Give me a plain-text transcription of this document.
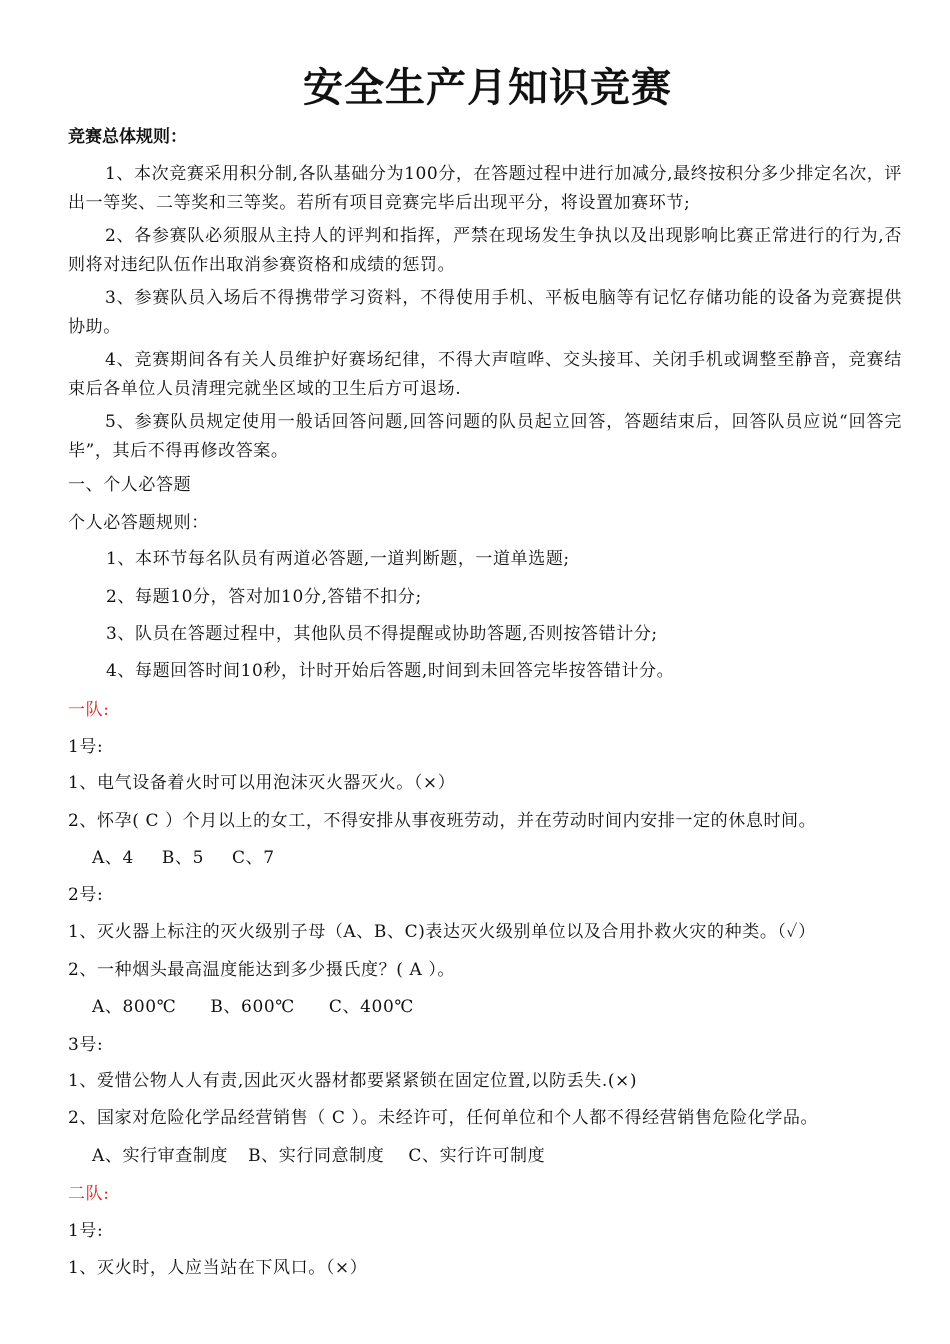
安全生产月知识竞赛
竞赛总体规则：
1、本次竞赛采用积分制,各队基础分为100分，在答题过程中进行加减分,最终按积分多少排定名次，评出一等奖、二等奖和三等奖。若所有项目竞赛完毕后出现平分，将设置加赛环节;
2、各参赛队必须服从主持人的评判和指挥，严禁在现场发生争执以及出现影响比赛正常进行的行为,否则将对违纪队伍作出取消参赛资格和成绩的惩罚。
3、参赛队员入场后不得携带学习资料，不得使用手机、平板电脑等有记忆存储功能的设备为竞赛提供协助。
4、竞赛期间各有关人员维护好赛场纪律，不得大声喧哗、交头接耳、关闭手机或调整至静音，竞赛结束后各单位人员清理完就坐区域的卫生后方可退场.
5、参赛队员规定使用一般话回答问题,回答问题的队员起立回答，答题结束后，回答队员应说“回答完毕”，其后不得再修改答案。
一、个人必答题
个人必答题规则：
1、本环节每名队员有两道必答题,一道判断题，一道单选题;
2、每题10分，答对加10分,答错不扣分;
3、队员在答题过程中，其他队员不得提醒或协助答题,否则按答错计分;
4、每题回答时间10秒，计时开始后答题,时间到未回答完毕按答错计分。
一队:
1号:
1、电气设备着火时可以用泡沫灭火器灭火。（×）
2、怀孕( C ）个月以上的女工，不得安排从事夜班劳动，并在劳动时间内安排一定的休息时间。
A、4 B、5 C、7
2号:
1、灭火器上标注的灭火级别子母（A、B、C)表达灭火级别单位以及合用扑救火灾的种类。（✓）
2、一种烟头最高温度能达到多少摄氏度？( A ）。
A、800℃ B、600℃ C、400℃
3号:
1、爱惜公物人人有责,因此灭火器材都要紧紧锁在固定位置,以防丢失.(×)
2、国家对危险化学品经营销售（ C ）。未经许可，任何单位和个人都不得经营销售危险化学品。
A、实行审查制度 B、实行同意制度 C、实行许可制度
二队:
1号:
1、灭火时，人应当站在下风口。（×）
